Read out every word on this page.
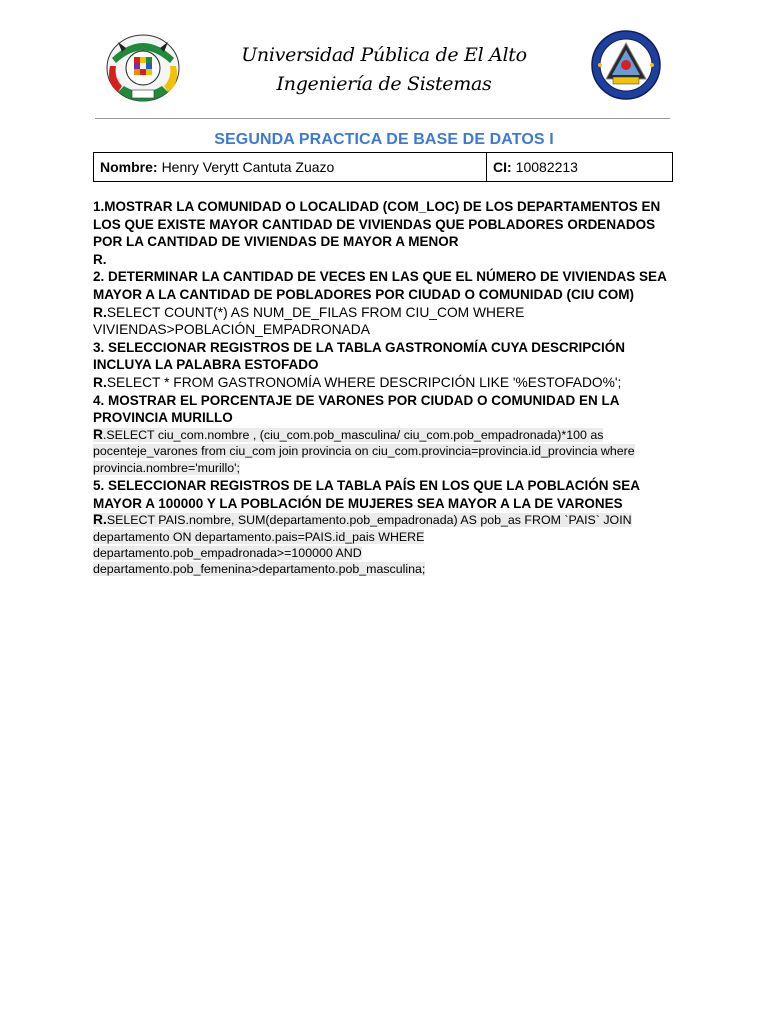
Universidad Pública de El Alto
Ingeniería de Sistemas
SEGUNDA PRACTICA DE BASE DE DATOS I
Nombre: Henry Verytt Cantuta Zuazo	CI: 10082213

1.MOSTRAR LA COMUNIDAD O LOCALIDAD (COM_LOC) DE LOS DEPARTAMENTOS EN LOS QUE EXISTE MAYOR CANTIDAD DE VIVIENDAS QUE POBLADORES ORDENADOS POR LA CANTIDAD DE VIVIENDAS DE MAYOR A MENOR

R.

2. DETERMINAR LA CANTIDAD DE VECES EN LAS QUE EL NÚMERO DE VIVIENDAS SEA MAYOR A LA CANTIDAD DE POBLADORES POR CIUDAD O COMUNIDAD (CIU COM)

R.SELECT COUNT(*) AS NUM_DE_FILAS FROM CIU_COM WHERE VIVIENDAS>POBLACIÓN_EMPADRONADA

3. SELECCIONAR REGISTROS DE LA TABLA GASTRONOMÍA CUYA DESCRIPCIÓN INCLUYA LA PALABRA ESTOFADO

R.SELECT * FROM GASTRONOMÍA WHERE DESCRIPCIÓN LIKE '%ESTOFADO%';

4. MOSTRAR EL PORCENTAJE DE VARONES POR CIUDAD O COMUNIDAD EN LA PROVINCIA MURILLO

R.SELECT ciu_com.nombre , (ciu_com.pob_masculina/ ciu_com.pob_empadronada)*100 as pocenteje_varones from ciu_com join provincia on ciu_com.provincia=provincia.id_provincia where provincia.nombre='murillo';

5. SELECCIONAR REGISTROS DE LA TABLA PAÍS EN LOS QUE LA POBLACIÓN SEA MAYOR A 100000 Y LA POBLACIÓN DE MUJERES SEA MAYOR A LA DE VARONES

R.SELECT PAIS.nombre, SUM(departamento.pob_empadronada) AS pob_as FROM `PAIS` JOIN
departamento ON departamento.pais=PAIS.id_pais WHERE
departamento.pob_empadronada>=100000 AND
departamento.pob_femenina>departamento.pob_masculina;
